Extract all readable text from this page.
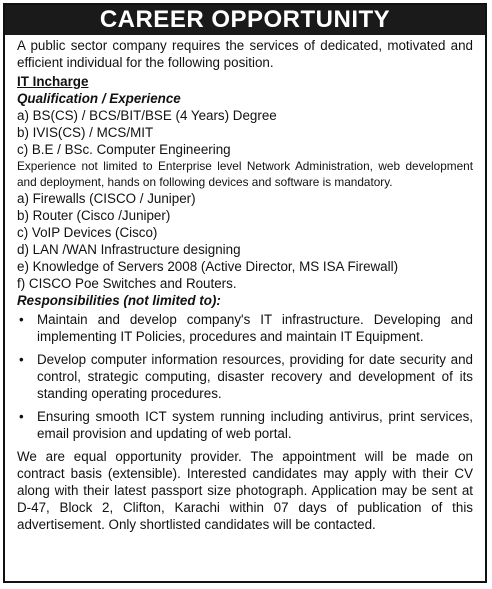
CAREER OPPORTUNITY
A public sector company requires the services of dedicated, motivated and efficient individual for the following position.
IT Incharge
Qualification / Experience
a) BS(CS) / BCS/BIT/BSE (4 Years) Degree
b) IVIS(CS) / MCS/MIT
c) B.E / BSc. Computer Engineering
Experience not limited to Enterprise level Network Administration, web development and deployment, hands on following devices and software is mandatory.
a) Firewalls (CISCO / Juniper)
b) Router (Cisco /Juniper)
c) VoIP Devices (Cisco)
d) LAN /WAN Infrastructure designing
e) Knowledge of Servers 2008 (Active Director, MS ISA Firewall)
f) CISCO Poe Switches and Routers.
Responsibilities (not limited to):
• Maintain and develop company's IT infrastructure. Developing and implementing IT Policies, procedures and maintain IT Equipment.
• Develop computer information resources, providing for date security and control, strategic computing, disaster recovery and development of its standing operating procedures.
• Ensuring smooth ICT system running including antivirus, print services, email provision and updating of web portal.
We are equal opportunity provider. The appointment will be made on contract basis (extensible). Interested candidates may apply with their CV along with their latest passport size photograph. Application may be sent at D-47, Block 2, Clifton, Karachi within 07 days of publication of this advertisement. Only shortlisted candidates will be contacted.
